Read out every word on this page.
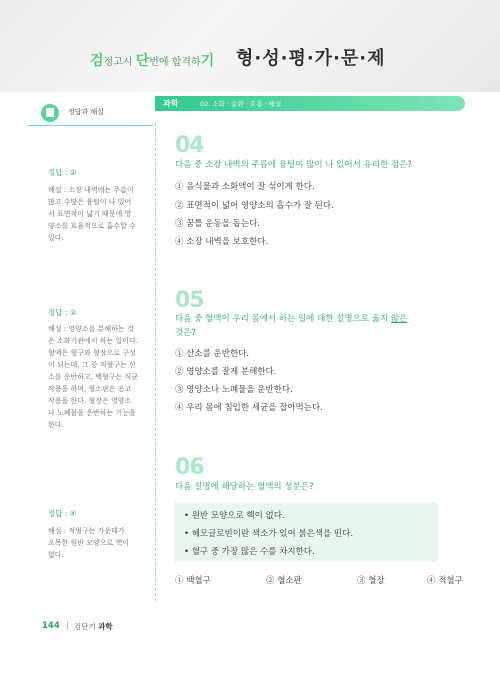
검정고시 단번에 합격하기 형·성·평·가·문·제
정답과 해설
과학	02. 소화 · 순환 · 호흡 · 배설
정답 : ②
해설 : 소장 내벽에는 주름이
많고 수많은 융털이 나 있어
서 표면적이 넓기 때문에 영
양소를 효율적으로 흡수할 수
있다.
정답 : ②
해설 : 영양소를 분해하는 것
은 소화기관에서 하는 일이다.
혈액은 혈구와 혈장으로 구성
이 되는데, 그 중 적혈구는 산
소를 운반하고, 백혈구는 식균
작용을 하며, 혈소판은 응고
작용을 한다. 혈장은 영양소
나 노폐물을 운반하는 기능을
한다.
정답 : ④
해설 : 적혈구는 가운데가
오목한 원반 모양으로 핵이
없다.
04
다음 중 소장 내벽의 주름에 융털이 많이 나 있어서 유리한 점은?
① 음식물과 소화액이 잘 섞이게 한다.
② 표면적이 넓어 영양소의 흡수가 잘 된다.
③ 꿈틀 운동을 돕는다.
④ 소장 내벽을 보호한다.
05
다음 중 혈액이 우리 몸에서 하는 일에 대한 설명으로 옳지 않은
것은?
① 산소를 운반한다.
② 영양소를 잘게 분해한다.
③ 영양소나 노폐물을 운반한다.
④ 우리 몸에 침입한 세균을 잡아먹는다.
06
다음 설명에 해당하는 혈액의 성분은?
• 원반 모양으로 핵이 없다.
• 헤모글로빈이란 색소가 있어 붉은색을 띤다.
• 혈구 중 가장 많은 수를 차지한다.
① 백혈구	② 혈소판	③ 혈장	④ 적혈구
144 | 검단기 과학
